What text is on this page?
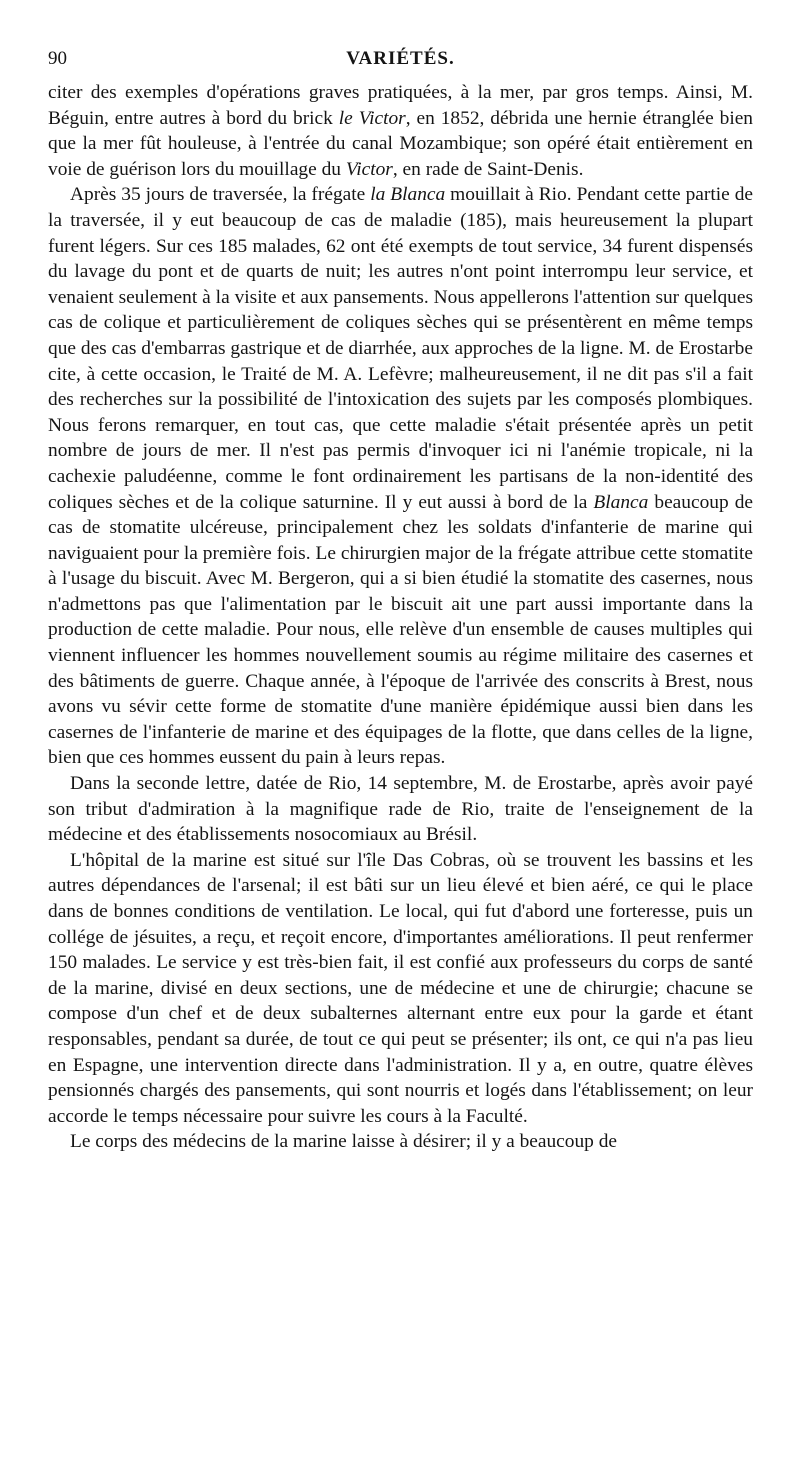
90	VARIÉTÉS.

citer des exemples d'opérations graves pratiquées, à la mer, par gros temps. Ainsi, M. Béguin, entre autres à bord du brick le Victor, en 1852, débrida une hernie étranglée bien que la mer fût houleuse, à l'entrée du canal Mozambique; son opéré était entièrement en voie de guérison lors du mouillage du Victor, en rade de Saint-Denis.

Après 35 jours de traversée, la frégate la Blanca mouillait à Rio. Pendant cette partie de la traversée, il y eut beaucoup de cas de maladie (185), mais heureusement la plupart furent légers. Sur ces 185 malades, 62 ont été exempts de tout service, 34 furent dispensés du lavage du pont et de quarts de nuit; les autres n'ont point interrompu leur service, et venaient seulement à la visite et aux pansements. Nous appellerons l'attention sur quelques cas de colique et particulièrement de coliques sèches qui se présentèrent en même temps que des cas d'embarras gastrique et de diarrhée, aux approches de la ligne. M. de Erostarbe cite, à cette occasion, le Traité de M. A. Lefèvre; malheureusement, il ne dit pas s'il a fait des recherches sur la possibilité de l'intoxication des sujets par les composés plombiques. Nous ferons remarquer, en tout cas, que cette maladie s'était présentée après un petit nombre de jours de mer. Il n'est pas permis d'invoquer ici ni l'anémie tropicale, ni la cachexie paludéenne, comme le font ordinairement les partisans de la non-identité des coliques sèches et de la colique saturnine. Il y eut aussi à bord de la Blanca beaucoup de cas de stomatite ulcéreuse, principalement chez les soldats d'infanterie de marine qui naviguaient pour la première fois. Le chirurgien major de la frégate attribue cette stomatite à l'usage du biscuit. Avec M. Bergeron, qui a si bien étudié la stomatite des casernes, nous n'admettons pas que l'alimentation par le biscuit ait une part aussi importante dans la production de cette maladie. Pour nous, elle relève d'un ensemble de causes multiples qui viennent influencer les hommes nouvellement soumis au régime militaire des casernes et des bâtiments de guerre. Chaque année, à l'époque de l'arrivée des conscrits à Brest, nous avons vu sévir cette forme de stomatite d'une manière épidémique aussi bien dans les casernes de l'infanterie de marine et des équipages de la flotte, que dans celles de la ligne, bien que ces hommes eussent du pain à leurs repas.

Dans la seconde lettre, datée de Rio, 14 septembre, M. de Erostarbe, après avoir payé son tribut d'admiration à la magnifique rade de Rio, traite de l'enseignement de la médecine et des établissements nosocomiaux au Brésil.

L'hôpital de la marine est situé sur l'île Das Cobras, où se trouvent les bassins et les autres dépendances de l'arsenal; il est bâti sur un lieu élevé et bien aéré, ce qui le place dans de bonnes conditions de ventilation. Le local, qui fut d'abord une forteresse, puis un collége de jésuites, a reçu, et reçoit encore, d'importantes améliorations. Il peut renfermer 150 malades. Le service y est très-bien fait, il est confié aux professeurs du corps de santé de la marine, divisé en deux sections, une de médecine et une de chirurgie; chacune se compose d'un chef et de deux subalternes alternant entre eux pour la garde et étant responsables, pendant sa durée, de tout ce qui peut se présenter; ils ont, ce qui n'a pas lieu en Espagne, une intervention directe dans l'administration. Il y a, en outre, quatre élèves pensionnés chargés des pansements, qui sont nourris et logés dans l'établissement; on leur accorde le temps nécessaire pour suivre les cours à la Faculté.

Le corps des médecins de la marine laisse à désirer; il y a beaucoup de
